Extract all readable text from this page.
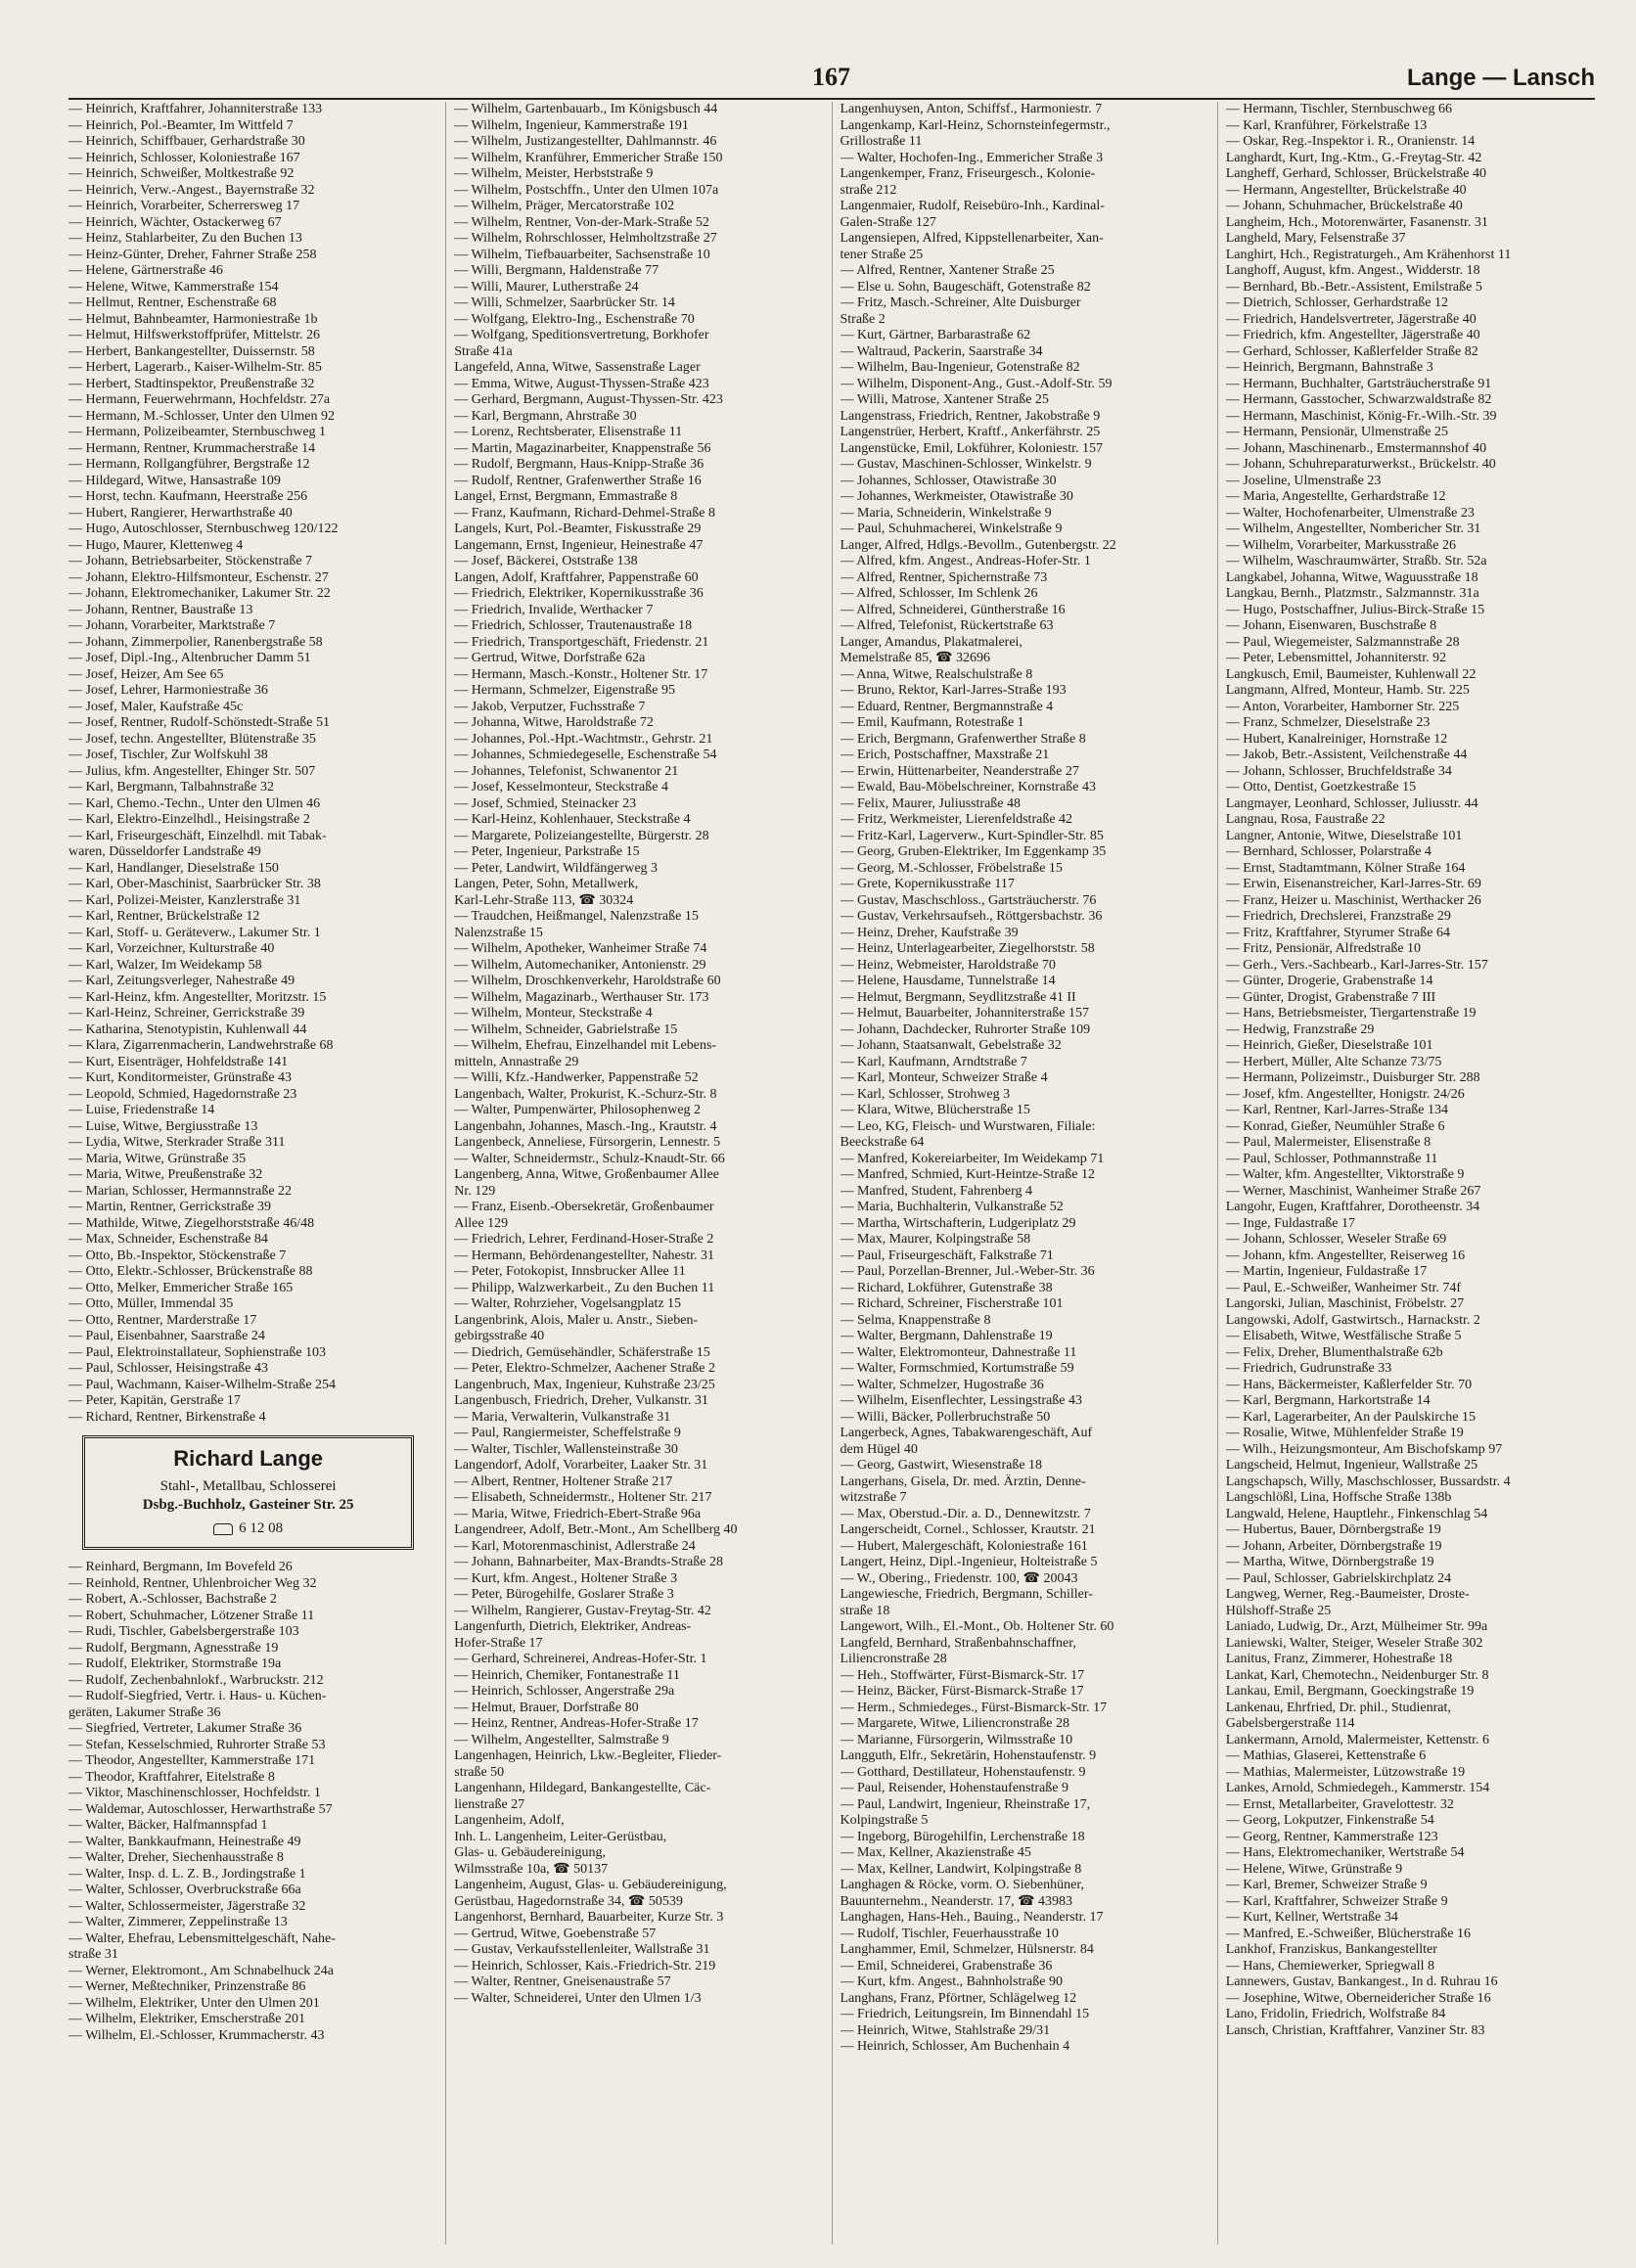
167	Lange — Lansch
— Heinrich, Kraftfahrer, Johanniterstraße 133
— Heinrich, Pol.-Beamter, Im Wittfeld 7
— Heinrich, Schiffbauer, Gerhardstraße 30
— Heinrich, Schlosser, Koloniestraße 167
— Heinrich, Schweißer, Moltkestraße 92
— Heinrich, Verw.-Angest., Bayernstraße 32
— Heinrich, Vorarbeiter, Scherrersweg 17
— Heinrich, Wächter, Ostackerweg 67
— Heinz, Stahlarbeiter, Zu den Buchen 13
— Heinz-Günter, Dreher, Fahrner Straße 258
— Helene, Gärtnerstraße 46
— Helene, Witwe, Kammerstraße 154
— Hellmut, Rentner, Eschenstraße 68
— Helmut, Bahnbeamter, Harmoniestraße 1b
— Helmut, Hilfswerkstoffprüfer, Mittelstr. 26
— Herbert, Bankangestellter, Duissernstr. 58
— Herbert, Lagerarb., Kaiser-Wilhelm-Str. 85
— Herbert, Stadtinspektor, Preußenstraße 32
— Hermann, Feuerwehrmann, Hochfeldstr. 27a
— Hermann, M.-Schlosser, Unter den Ulmen 92
— Hermann, Polizeibeamter, Sternbuschweg 1
— Hermann, Rentner, Krummacherstraße 14
— Hermann, Rollgangführer, Bergstraße 12
— Hildegard, Witwe, Hansastraße 109
— Horst, techn. Kaufmann, Heerstraße 256
— Hubert, Rangierer, Herwarthstraße 40
— Hugo, Autoschlosser, Sternbuschweg 120/122
— Hugo, Maurer, Klettenweg 4
— Johann, Betriebsarbeiter, Stöckenstraße 7
— Johann, Elektro-Hilfsmonteur, Eschenstr. 27
— Johann, Elektromechaniker, Lakumer Str. 22
— Johann, Rentner, Baustraße 13
— Johann, Vorarbeiter, Marktstraße 7
— Johann, Zimmerpolier, Ranenbergstraße 58
— Josef, Dipl.-Ing., Altenbrucher Damm 51
— Josef, Heizer, Am See 65
— Josef, Lehrer, Harmoniestraße 36
— Josef, Maler, Kaufstraße 45c
— Josef, Rentner, Rudolf-Schönstedt-Straße 51
— Josef, techn. Angestellter, Blütenstraße 35
— Josef, Tischler, Zur Wolfskuhl 38
— Julius, kfm. Angestellter, Ehinger Str. 507
— Karl, Bergmann, Talbahnstraße 32
— Karl, Chemo.-Techn., Unter den Ulmen 46
— Karl, Elektro-Einzelhdl., Heisingstraße 2
— Karl, Friseurgeschäft, Einzelhdl. mit Tabak-
waren, Düsseldorfer Landstraße 49
— Karl, Handlanger, Dieselstraße 150
— Karl, Ober-Maschinist, Saarbrücker Str. 38
— Karl, Polizei-Meister, Kanzlerstraße 31
— Karl, Rentner, Brückelstraße 12
— Karl, Stoff- u. Geräteverw., Lakumer Str. 1
— Karl, Vorzeichner, Kulturstraße 40
— Karl, Walzer, Im Weidekamp 58
— Karl, Zeitungsverleger, Nahestraße 49
— Karl-Heinz, kfm. Angestellter, Moritzstr. 15
— Karl-Heinz, Schreiner, Gerrickstraße 39
— Katharina, Stenotypistin, Kuhlenwall 44
— Klara, Zigarrenmacherin, Landwehrstraße 68
— Kurt, Eisenträger, Hohfeldstraße 141
— Kurt, Konditormeister, Grünstraße 43
— Leopold, Schmied, Hagedornstraße 23
— Luise, Friedenstraße 14
— Luise, Witwe, Bergiusstraße 13
— Lydia, Witwe, Sterkrader Straße 311
— Maria, Witwe, Grünstraße 35
— Maria, Witwe, Preußenstraße 32
— Marian, Schlosser, Hermannstraße 22
— Martin, Rentner, Gerrickstraße 39
— Mathilde, Witwe, Ziegelhorststraße 46/48
— Max, Schneider, Eschenstraße 84
— Otto, Bb.-Inspektor, Stöckenstraße 7
— Otto, Elektr.-Schlosser, Brückenstraße 88
— Otto, Melker, Emmericher Straße 165
— Otto, Müller, Immendal 35
— Otto, Rentner, Marderstraße 17
— Paul, Eisenbahner, Saarstraße 24
— Paul, Elektroinstallateur, Sophienstraße 103
— Paul, Schlosser, Heisingstraße 43
— Paul, Wachmann, Kaiser-Wilhelm-Straße 254
— Peter, Kapitän, Gerstraße 17
— Richard, Rentner, Birkenstraße 4
Richard Lange
Stahl-, Metallbau, Schlosserei
Dsbg.-Buchholz, Gasteiner Str. 25
6 12 08
— Reinhard, Bergmann, Im Bovefeld 26
— Reinhold, Rentner, Uhlenbroicher Weg 32
— Robert, A.-Schlosser, Bachstraße 2
— Robert, Schuhmacher, Lötzener Straße 11
— Rudi, Tischler, Gabelsbergerstraße 103
— Rudolf, Bergmann, Agnesstraße 19
— Rudolf, Elektriker, Stormstraße 19a
— Rudolf, Zechenbahnlokf., Warbruckstr. 212
— Rudolf-Siegfried, Vertr. i. Haus- u. Küchen-
geräten, Lakumer Straße 36
— Siegfried, Vertreter, Lakumer Straße 36
— Stefan, Kesselschmied, Ruhrorter Straße 53
— Theodor, Angestellter, Kammerstraße 171
— Theodor, Kraftfahrer, Eitelstraße 8
— Viktor, Maschinenschlosser, Hochfeldstr. 1
— Waldemar, Autoschlosser, Herwarthstraße 57
— Walter, Bäcker, Halfmannspfad 1
— Walter, Bankkaufmann, Heinestraße 49
— Walter, Dreher, Siechenhausstraße 8
— Walter, Insp. d. L. Z. B., Jordingstraße 1
— Walter, Schlosser, Overbruckstraße 66a
— Walter, Schlossermeister, Jägerstraße 32
— Walter, Zimmerer, Zeppelinstraße 13
— Walter, Ehefrau, Lebensmittelgeschäft, Nahe-
straße 31
— Werner, Elektromont., Am Schnabelhuck 24a
— Werner, Meßtechniker, Prinzenstraße 86
— Wilhelm, Elektriker, Unter den Ulmen 201
— Wilhelm, Elektriker, Emscherstraße 201
— Wilhelm, El.-Schlosser, Krummacherstr. 43
— Wilhelm, Gartenbauarb., Im Königsbusch 44
— Wilhelm, Ingenieur, Kammerstraße 191
— Wilhelm, Justizangestellter, Dahlmannstr. 46
— Wilhelm, Kranführer, Emmericher Straße 150
— Wilhelm, Meister, Herbststraße 9
— Wilhelm, Postschffn., Unter den Ulmen 107a
— Wilhelm, Präger, Mercatorstraße 102
— Wilhelm, Rentner, Von-der-Mark-Straße 52
— Wilhelm, Rohrschlosser, Helmholtzstraße 27
— Wilhelm, Tiefbauarbeiter, Sachsenstraße 10
— Willi, Bergmann, Haldenstraße 77
— Willi, Maurer, Lutherstraße 24
— Willi, Schmelzer, Saarbrücker Str. 14
— Wolfgang, Elektro-Ing., Eschenstraße 70
— Wolfgang, Speditionsvertretung, Borkhofer
Straße 41a
Langefeld, Anna, Witwe, Sassenstraße Lager
— Emma, Witwe, August-Thyssen-Straße 423
— Gerhard, Bergmann, August-Thyssen-Str. 423
— Karl, Bergmann, Ahrstraße 30
— Lorenz, Rechtsberater, Elisenstraße 11
— Martin, Magazinarbeiter, Knappenstraße 56
— Rudolf, Bergmann, Haus-Knipp-Straße 36
— Rudolf, Rentner, Grafenwerther Straße 16
Langel, Ernst, Bergmann, Emmastraße 8
— Franz, Kaufmann, Richard-Dehmel-Straße 8
Langels, Kurt, Pol.-Beamter, Fiskusstraße 29
Langemann, Ernst, Ingenieur, Heinestraße 47
— Josef, Bäckerei, Oststraße 138
Langen, Adolf, Kraftfahrer, Pappenstraße 60
— Friedrich, Elektriker, Kopernikusstraße 36
— Friedrich, Invalide, Werthacker 7
— Friedrich, Schlosser, Trautenaustraße 18
— Friedrich, Transportgeschäft, Friedenstr. 21
— Gertrud, Witwe, Dorfstraße 62a
— Hermann, Masch.-Konstr., Holtener Str. 17
— Hermann, Schmelzer, Eigenstraße 95
— Jakob, Verputzer, Fuchsstraße 7
— Johanna, Witwe, Haroldstraße 72
— Johannes, Pol.-Hpt.-Wachtmstr., Gehrstr. 21
— Johannes, Schmiedegeselle, Eschenstraße 54
— Johannes, Telefonist, Schwanentor 21
— Josef, Kesselmonteur, Steckstraße 4
— Josef, Schmied, Steinacker 23
— Karl-Heinz, Kohlenhauer, Steckstraße 4
— Margarete, Polizeiangestellte, Bürgerstr. 28
— Peter, Ingenieur, Parkstraße 15
— Peter, Landwirt, Wildfängerweg 3
Langen, Peter, Sohn, Metallwerk,
Karl-Lehr-Straße 113, ☎ 30324
— Traudchen, Heißmangel, Nalenzstraße 15
Nalenzstraße 15
— Wilhelm, Apotheker, Wanheimer Straße 74
— Wilhelm, Automechaniker, Antonienstr. 29
— Wilhelm, Droschkenverkehr, Haroldstraße 60
— Wilhelm, Magazinarb., Werthauser Str. 173
— Wilhelm, Monteur, Steckstraße 4
— Wilhelm, Schneider, Gabrielstraße 15
— Wilhelm, Ehefrau, Einzelhandel mit Lebens-
mitteln, Annastraße 29
— Willi, Kfz.-Handwerker, Pappenstraße 52
Langenbach, Walter, Prokurist, K.-Schurz-Str. 8
— Walter, Pumpenwärter, Philosophenweg 2
Langenbahn, Johannes, Masch.-Ing., Krautstr. 4
Langenbeck, Anneliese, Fürsorgerin, Lennestr. 5
— Walter, Schneidermstr., Schulz-Knaudt-Str. 66
Langenberg, Anna, Witwe, Großenbaumer Allee
Nr. 129
— Franz, Eisenb.-Obersekretär, Großenbaumer
Allee 129
— Friedrich, Lehrer, Ferdinand-Hoser-Straße 2
— Hermann, Behördenangestellter, Nahestr. 31
— Peter, Fotokopist, Innsbrucker Allee 11
— Philipp, Walzwerkarbeit., Zu den Buchen 11
— Walter, Rohrzieher, Vogelsangplatz 15
Langenbrink, Alois, Maler u. Anstr., Sieben-
gebirgsstraße 40
— Diedrich, Gemüsehändler, Schäferstraße 15
— Peter, Elektro-Schmelzer, Aachener Straße 2
Langenbruch, Max, Ingenieur, Kuhstraße 23/25
Langenbusch, Friedrich, Dreher, Vulkanstr. 31
— Maria, Verwalterin, Vulkanstraße 31
— Paul, Rangiermeister, Scheffelstraße 9
— Walter, Tischler, Wallensteinstraße 30
Langendorf, Adolf, Vorarbeiter, Laaker Str. 31
— Albert, Rentner, Holtener Straße 217
— Elisabeth, Schneidermstr., Holtener Str. 217
— Maria, Witwe, Friedrich-Ebert-Straße 96a
Langendreer, Adolf, Betr.-Mont., Am Schellberg 40
— Karl, Motorenmaschinist, Adlerstraße 24
— Johann, Bahnarbeiter, Max-Brandts-Straße 28
— Kurt, kfm. Angest., Holtener Straße 3
— Peter, Bürogehilfe, Goslarer Straße 3
— Wilhelm, Rangierer, Gustav-Freytag-Str. 42
Langenfurth, Dietrich, Elektriker, Andreas-
Hofer-Straße 17
— Gerhard, Schreinerei, Andreas-Hofer-Str. 1
— Heinrich, Chemiker, Fontanestraße 11
— Heinrich, Schlosser, Angerstraße 29a
— Helmut, Brauer, Dorfstraße 80
— Heinz, Rentner, Andreas-Hofer-Straße 17
— Wilhelm, Angestellter, Salmstraße 9
Langenhagen, Heinrich, Lkw.-Begleiter, Flieder-
straße 50
Langenhann, Hildegard, Bankangestellte, Cäc-
lienstraße 27
Langenheim, Adolf,
Inh. L. Langenheim, Leiter-Gerüstbau,
Glas- u. Gebäudereinigung,
Wilmsstraße 10a, ☎ 50137
Langenheim, August, Glas- u. Gebäudereinigung,
Gerüstbau, Hagedornstraße 34, ☎ 50539
Langenhorst, Bernhard, Bauarbeiter, Kurze Str. 3
— Gertrud, Witwe, Goebenstraße 57
— Gustav, Verkaufsstellenleiter, Wallstraße 31
— Heinrich, Schlosser, Kais.-Friedrich-Str. 219
— Walter, Rentner, Gneisenaustraße 57
— Walter, Schneiderei, Unter den Ulmen 1/3
Langenhuysen, Anton, Schiffsf., Harmoniestr. 7
Langenkamp, Karl-Heinz, Schornsteinfegermstr.,
Grillostraße 11
— Walter, Hochofen-Ing., Emmericher Straße 3
Langenkemper, Franz, Friseurgesch., Kolonie-
straße 212
Langenmaier, Rudolf, Reisebüro-Inh., Kardinal-
Galen-Straße 127
Langensiepen, Alfred, Kippstellenarbeiter, Xan-
tener Straße 25
— Alfred, Rentner, Xantener Straße 25
— Else u. Sohn, Baugeschäft, Gotenstraße 82
— Fritz, Masch.-Schreiner, Alte Duisburger
Straße 2
— Kurt, Gärtner, Barbarastraße 62
— Waltraud, Packerin, Saarstraße 34
— Wilhelm, Bau-Ingenieur, Gotenstraße 82
— Wilhelm, Disponent-Ang., Gust.-Adolf-Str. 59
— Willi, Matrose, Xantener Straße 25
Langenstrass, Friedrich, Rentner, Jakobstraße 9
Langenstrüer, Herbert, Kraftf., Ankerfährstr. 25
Langenstücke, Emil, Lokführer, Koloniestr. 157
— Gustav, Maschinen-Schlosser, Winkelstr. 9
— Johannes, Schlosser, Otawistraße 30
— Johannes, Werkmeister, Otawistraße 30
— Maria, Schneiderin, Winkelstraße 9
— Paul, Schuhmacherei, Winkelstraße 9
Langer, Alfred, Hdlgs.-Bevollm., Gutenbergstr. 22
— Alfred, kfm. Angest., Andreas-Hofer-Str. 1
— Alfred, Rentner, Spichernstraße 73
— Alfred, Schlosser, Im Schlenk 26
— Alfred, Schneiderei, Güntherstraße 16
— Alfred, Telefonist, Rückertstraße 63
Langer, Amandus, Plakatmalerei,
Memelstraße 85, ☎ 32696
— Anna, Witwe, Realschulstraße 8
— Bruno, Rektor, Karl-Jarres-Straße 193
— Eduard, Rentner, Bergmannstraße 4
— Emil, Kaufmann, Rotestraße 1
— Erich, Bergmann, Grafenwerther Straße 8
— Erich, Postschaffner, Maxstraße 21
— Erwin, Hüttenarbeiter, Neanderstraße 27
— Ewald, Bau-Möbelschreiner, Kornstraße 43
— Felix, Maurer, Juliusstraße 48
— Fritz, Werkmeister, Lierenfeldstraße 42
— Fritz-Karl, Lagerverw., Kurt-Spindler-Str. 85
— Georg, Gruben-Elektriker, Im Eggenkamp 35
— Georg, M.-Schlosser, Fröbelstraße 15
— Grete, Kopernikusstraße 117
— Gustav, Maschschloss., Gartsträucherstr. 76
— Gustav, Verkehrsaufseh., Röttgersbachstr. 36
— Heinz, Dreher, Kaufstraße 39
— Heinz, Unterlagearbeiter, Ziegelhorststr. 58
— Heinz, Webmeister, Haroldstraße 70
— Helene, Hausdame, Tunnelstraße 14
— Helmut, Bergmann, Seydlitzstraße 41 II
— Helmut, Bauarbeiter, Johanniterstraße 157
— Johann, Dachdecker, Ruhrorter Straße 109
— Johann, Staatsanwalt, Gebelstraße 32
— Karl, Kaufmann, Arndtstraße 7
— Karl, Monteur, Schweizer Straße 4
— Karl, Schlosser, Strohweg 3
— Klara, Witwe, Blücherstraße 15
— Leo, KG, Fleisch- und Wurstwaren, Filiale:
Beeckstraße 64
— Manfred, Kokereiarbeiter, Im Weidekamp 71
— Manfred, Schmied, Kurt-Heintze-Straße 12
— Manfred, Student, Fahrenberg 4
— Maria, Buchhalterin, Vulkanstraße 52
— Martha, Wirtschafterin, Ludgeriplatz 29
— Max, Maurer, Kolpingstraße 58
— Paul, Friseurgeschäft, Falkstraße 71
— Paul, Porzellan-Brenner, Jul.-Weber-Str. 36
— Richard, Lokführer, Gutenstraße 38
— Richard, Schreiner, Fischerstraße 101
— Selma, Knappenstraße 8
— Walter, Bergmann, Dahlenstraße 19
— Walter, Elektromonteur, Dahnestraße 11
— Walter, Formschmied, Kortumstraße 59
— Walter, Schmelzer, Hugostraße 36
— Wilhelm, Eisenflechter, Lessingstraße 43
— Willi, Bäcker, Pollerbruchstraße 50
Langerbeck, Agnes, Tabakwarengeschäft, Auf
dem Hügel 40
— Georg, Gastwirt, Wiesenstraße 18
Langerhans, Gisela, Dr. med. Ärztin, Denne-
witzstraße 7
— Max, Oberstud.-Dir. a. D., Dennewitzstr. 7
Langerscheidt, Cornel., Schlosser, Krautstr. 21
— Hubert, Malergeschäft, Koloniestraße 161
Langert, Heinz, Dipl.-Ingenieur, Holteistraße 5
— W., Obering., Friedenstr. 100, ☎ 20043
Langewiesche, Friedrich, Bergmann, Schiller-
straße 18
Langewort, Wilh., El.-Mont., Ob. Holtener Str. 60
Langfeld, Bernhard, Straßenbahnschaffner,
Liliencronstraße 28
— Heh., Stoffwärter, Fürst-Bismarck-Str. 17
— Heinz, Bäcker, Fürst-Bismarck-Straße 17
— Herm., Schmiedeges., Fürst-Bismarck-Str. 17
— Margarete, Witwe, Liliencronstraße 28
— Marianne, Fürsorgerin, Wilmsstraße 10
Langguth, Elfr., Sekretärin, Hohenstaufenstr. 9
— Gotthard, Destillateur, Hohenstaufenstr. 9
— Paul, Reisender, Hohenstaufenstraße 9
— Paul, Landwirt, Ingenieur, Rheinstraße 17,
Kolpingstraße 5
— Ingeborg, Bürogehilfin, Lerchenstraße 18
— Max, Kellner, Akazienstraße 45
— Max, Kellner, Landwirt, Kolpingstraße 8
Langhagen & Röcke, vorm. O. Siebenhüner,
Bauunternehm., Neanderstr. 17, ☎ 43983
Langhagen, Hans-Heh., Bauing., Neanderstr. 17
— Rudolf, Tischler, Feuerhausstraße 10
Langhammer, Emil, Schmelzer, Hülsnerstr. 84
— Emil, Schneiderei, Grabenstraße 36
— Kurt, kfm. Angest., Bahnholstraße 90
Langhans, Franz, Pförtner, Schlägelweg 12
— Friedrich, Leitungsrein, Im Binnendahl 15
— Heinrich, Witwe, Stahlstraße 29/31
— Heinrich, Schlosser, Am Buchenhain 4
— Hermann, Tischler, Sternbuschweg 66
— Karl, Kranführer, Förkelstraße 13
— Oskar, Reg.-Inspektor i. R., Oranienstr. 14
Langhardt, Kurt, Ing.-Ktm., G.-Freytag-Str. 42
Langheff, Gerhard, Schlosser, Brückelstraße 40
— Hermann, Angestellter, Brückelstraße 40
— Johann, Schuhmacher, Brückelstraße 40
Langheim, Hch., Motorenwärter, Fasanenstr. 31
Langheld, Mary, Felsenstraße 37
Langhirt, Hch., Registraturgeh., Am Krähenhorst 11
Langhoff, August, kfm. Angest., Widderstr. 18
— Bernhard, Bb.-Betr.-Assistent, Emilstraße 5
— Dietrich, Schlosser, Gerhardstraße 12
— Friedrich, Handelsvertreter, Jägerstraße 40
— Friedrich, kfm. Angestellter, Jägerstraße 40
— Gerhard, Schlosser, Kaßlerfelder Straße 82
— Heinrich, Bergmann, Bahnstraße 3
— Hermann, Buchhalter, Gartsträucherstraße 91
— Hermann, Gasstocher, Schwarzwaldstraße 82
— Hermann, Maschinist, König-Fr.-Wilh.-Str. 39
— Hermann, Pensionär, Ulmenstraße 25
— Johann, Maschinenarb., Emstermannshof 40
— Johann, Schuhreparaturwerkst., Brückelstr. 40
— Joseline, Ulmenstraße 23
— Maria, Angestellte, Gerhardstraße 12
— Walter, Hochofenarbeiter, Ulmenstraße 23
— Wilhelm, Angestellter, Nombericher Str. 31
— Wilhelm, Vorarbeiter, Markusstraße 26
— Wilhelm, Waschraumwärter, Straßb. Str. 52a
Langkabel, Johanna, Witwe, Waguusstraße 18
Langkau, Bernh., Platzmstr., Salzmannstr. 31a
— Hugo, Postschaffner, Julius-Birck-Straße 15
— Johann, Eisenwaren, Buschstraße 8
— Paul, Wiegemeister, Salzmannstraße 28
— Peter, Lebensmittel, Johanniterstr. 92
Langkusch, Emil, Baumeister, Kuhlenwall 22
Langmann, Alfred, Monteur, Hamb. Str. 225
— Anton, Vorarbeiter, Hamborner Str. 225
— Franz, Schmelzer, Dieselstraße 23
— Hubert, Kanalreiniger, Hornstraße 12
— Jakob, Betr.-Assistent, Veilchenstraße 44
— Johann, Schlosser, Bruchfeldstraße 34
— Otto, Dentist, Goetzkestraße 15
Langmayer, Leonhard, Schlosser, Juliusstr. 44
Langnau, Rosa, Faustraße 22
Langner, Antonie, Witwe, Dieselstraße 101
— Bernhard, Schlosser, Polarstraße 4
— Ernst, Stadtamtmann, Kölner Straße 164
— Erwin, Eisenanstreicher, Karl-Jarres-Str. 69
— Franz, Heizer u. Maschinist, Werthacker 26
— Friedrich, Drechslerei, Franzstraße 29
— Fritz, Kraftfahrer, Styrumer Straße 64
— Fritz, Pensionär, Alfredstraße 10
— Gerh., Vers.-Sachbearb., Karl-Jarres-Str. 157
— Günter, Drogerie, Grabenstraße 14
— Günter, Drogist, Grabenstraße 7 III
— Hans, Betriebsmeister, Tiergartenstraße 19
— Hedwig, Franzstraße 29
— Heinrich, Gießer, Dieselstraße 101
— Herbert, Müller, Alte Schanze 73/75
— Hermann, Polizeimstr., Duisburger Str. 288
— Josef, kfm. Angestellter, Honigstr. 24/26
— Karl, Rentner, Karl-Jarres-Straße 134
— Konrad, Gießer, Neumühler Straße 6
— Paul, Malermeister, Elisenstraße 8
— Paul, Schlosser, Pothmannstraße 11
— Walter, kfm. Angestellter, Viktorstraße 9
— Werner, Maschinist, Wanheimer Straße 267
Langohr, Eugen, Kraftfahrer, Dorotheenstr. 34
— Inge, Fuldastraße 17
— Johann, Schlosser, Weseler Straße 69
— Johann, kfm. Angestellter, Reiserweg 16
— Martin, Ingenieur, Fuldastraße 17
— Paul, E.-Schweißer, Wanheimer Str. 74f
Langorski, Julian, Maschinist, Fröbelstr. 27
Langowski, Adolf, Gastwirtsch., Harnackstr. 2
— Elisabeth, Witwe, Westfälische Straße 5
— Felix, Dreher, Blumenthalstraße 62b
— Friedrich, Gudrunstraße 33
— Hans, Bäckermeister, Kaßlerfelder Str. 70
— Karl, Bergmann, Harkortstraße 14
— Karl, Lagerarbeiter, An der Paulskirche 15
— Rosalie, Witwe, Mühlenfelder Straße 19
— Wilh., Heizungsmonteur, Am Bischofskamp 97
Langscheid, Helmut, Ingenieur, Wallstraße 25
Langschapsch, Willy, Maschschlosser, Bussardstr. 4
Langschlößl, Lina, Hoffsche Straße 138b
Langwald, Helene, Hauptlehr., Finkenschlag 54
— Hubertus, Bauer, Dörnbergstraße 19
— Johann, Arbeiter, Dörnbergstraße 19
— Martha, Witwe, Dörnbergstraße 19
— Paul, Schlosser, Gabrielskirchplatz 24
Langweg, Werner, Reg.-Baumeister, Droste-
Hülshoff-Straße 25
Laniado, Ludwig, Dr., Arzt, Mülheimer Str. 99a
Laniewski, Walter, Steiger, Weseler Straße 302
Lanitus, Franz, Zimmerer, Hohestraße 18
Lankat, Karl, Chemotechn., Neidenburger Str. 8
Lankau, Emil, Bergmann, Goeckingstraße 19
Lankenau, Ehrfried, Dr. phil., Studienrat,
Gabelsbergerstraße 114
Lankermann, Arnold, Malermeister, Kettenstr. 6
— Mathias, Glaserei, Kettenstraße 6
— Mathias, Malermeister, Lützowstraße 19
Lankes, Arnold, Schmiedegeh., Kammerstr. 154
— Ernst, Metallarbeiter, Gravelottestr. 32
— Georg, Lokputzer, Finkenstraße 54
— Georg, Rentner, Kammerstraße 123
— Hans, Elektromechaniker, Wertstraße 54
— Helene, Witwe, Grünstraße 9
— Karl, Bremer, Schweizer Straße 9
— Karl, Kraftfahrer, Schweizer Straße 9
— Kurt, Kellner, Wertstraße 34
— Manfred, E.-Schweißer, Blücherstraße 16
Lankhof, Franziskus, Bankangestellter
— Hans, Chemiewerker, Spriegwall 8
Lannewers, Gustav, Bankangest., In d. Ruhrau 16
— Josephine, Witwe, Oberneidericher Straße 16
Lano, Fridolin, Friedrich, Wolfstraße 84
Lansch, Christian, Kraftfahrer, Vanziner Str. 83
